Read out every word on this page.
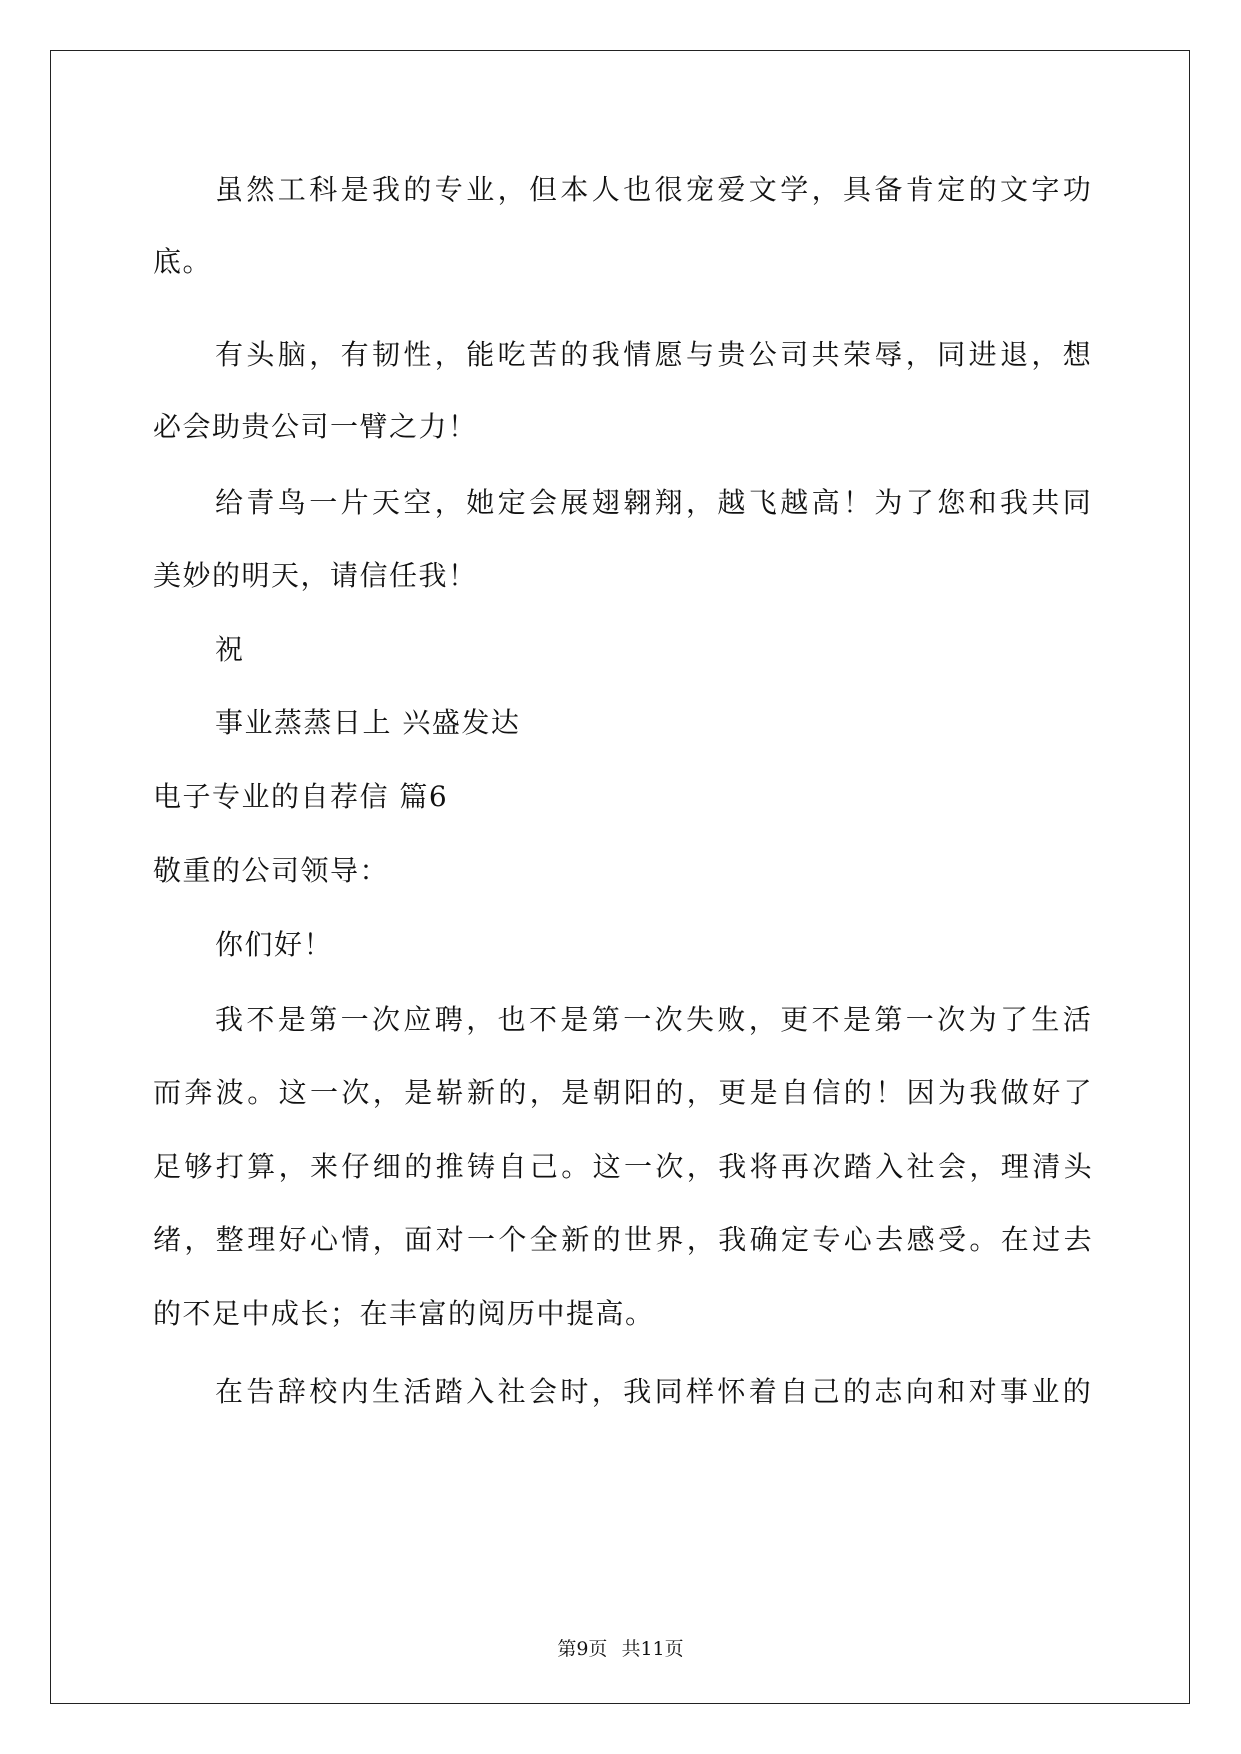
虽然工科是我的专业，但本人也很宠爱文学，具备肯定的文字功
底。
有头脑，有韧性，能吃苦的我情愿与贵公司共荣辱，同进退，想
必会助贵公司一臂之力！
给青鸟一片天空，她定会展翅翱翔，越飞越高！为了您和我共同
美妙的明天，请信任我！
祝
事业蒸蒸日上 兴盛发达
电子专业的自荐信 篇6
敬重的公司领导：
你们好！
我不是第一次应聘，也不是第一次失败，更不是第一次为了生活
而奔波。这一次，是崭新的，是朝阳的，更是自信的！因为我做好了
足够打算，来仔细的推铸自己。这一次，我将再次踏入社会，理清头
绪，整理好心情，面对一个全新的世界，我确定专心去感受。在过去
的不足中成长；在丰富的阅历中提高。
在告辞校内生活踏入社会时，我同样怀着自己的志向和对事业的
第9页 共11页
